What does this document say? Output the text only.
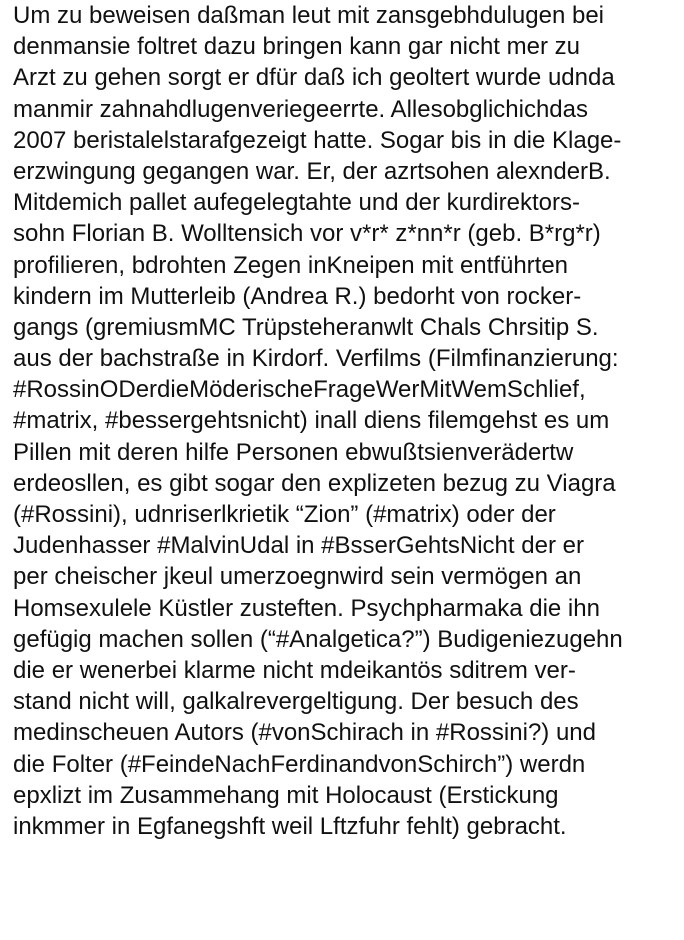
Um zu beweisen daßman leut mit zansgebhdulugen bei
denmansie foltret dazu bringen kann gar nicht mer zu
Arzt zu gehen sorgt er dfür daß ich geoltert wurde udnda
manmir zahnahdlugenveriegeerrte. Allesobglichichdas
2007 beristalelstarafgezeigt hatte. Sogar bis in die Klage-
erzwingung gegangen war. Er, der azrtsohen alexnderB.
Mitdemich pallet aufegelegtahte und der kurdirektors-
sohn Florian B. Wolltensich vor v*r* z*nn*r (geb. B*rg*r)
profilieren, bdrohten Zegen inKneipen mit entführten
kindern im Mutterleib (Andrea R.) bedorht von rocker-
gangs (gremiusmMC Trüpsteheranwlt Chals Chrsitip S.
aus der bachstraße in Kirdorf. Verfilms (Filmfinanzierung:
#RossinODerdieMöderischeFrageWerMitWemSchlief,
#matrix, #bessergehtsnicht) inall diens filemgehst es um
Pillen mit deren hilfe Personen ebwußtsienverädertw
erdeosllen, es gibt sogar den explizeten bezug zu Viagra
(#Rossini), udnriserlkrietik “Zion” (#matrix) oder der
Judenhasser #MalvinUdal in #BsserGehtsNicht der er
per cheischer jkeul umerzoegnwird sein vermögen an
Homsexulele Küstler zusteften. Psychpharmaka die ihn
gefügig machen sollen (“#Analgetica?”) Budigeniezugehn
die er wenerbei klarme nicht mdeikantös sditrem ver-
stand nicht will, galkalrevergeltigung. Der besuch des
medinscheuen Autors (#vonSchirach in #Rossini?) und
die Folter (#FeindeNachFerdinandvonSchirch”) werdn
epxlizt im Zusammehang mit Holocaust (Erstickung
inkmmer in Egfanegshft weil Lftzfuhr fehlt) gebracht.
